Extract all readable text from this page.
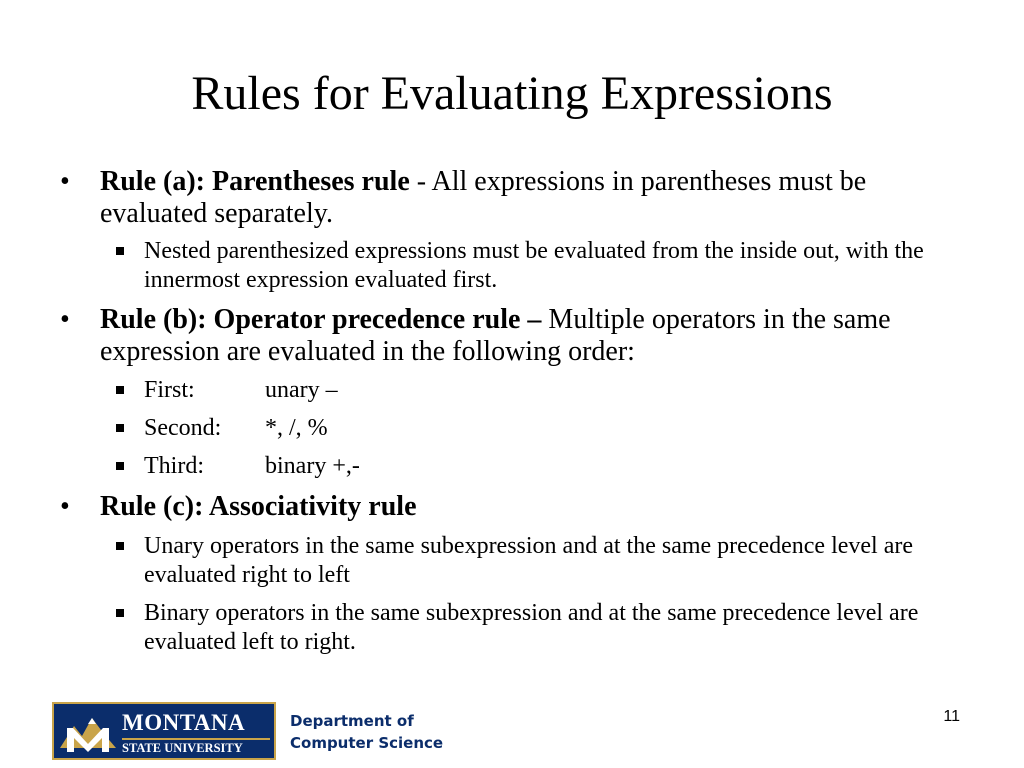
Rules for Evaluating Expressions
• Rule (a): Parentheses rule - All expressions in parentheses must be evaluated separately.
Nested parenthesized expressions must be evaluated from the inside out, with the innermost expression evaluated first.
• Rule (b): Operator precedence rule – Multiple operators in the same expression are evaluated in the following order:
First:	unary –
Second: *, /, %
Third:	binary +,-
• Rule (c): Associativity rule
Unary operators in the same subexpression and at the same precedence level are evaluated right to left
Binary operators in the same subexpression and at the same precedence level are evaluated left to right.
11
MONTANA
STATE UNIVERSITY
Department of
Computer Science
